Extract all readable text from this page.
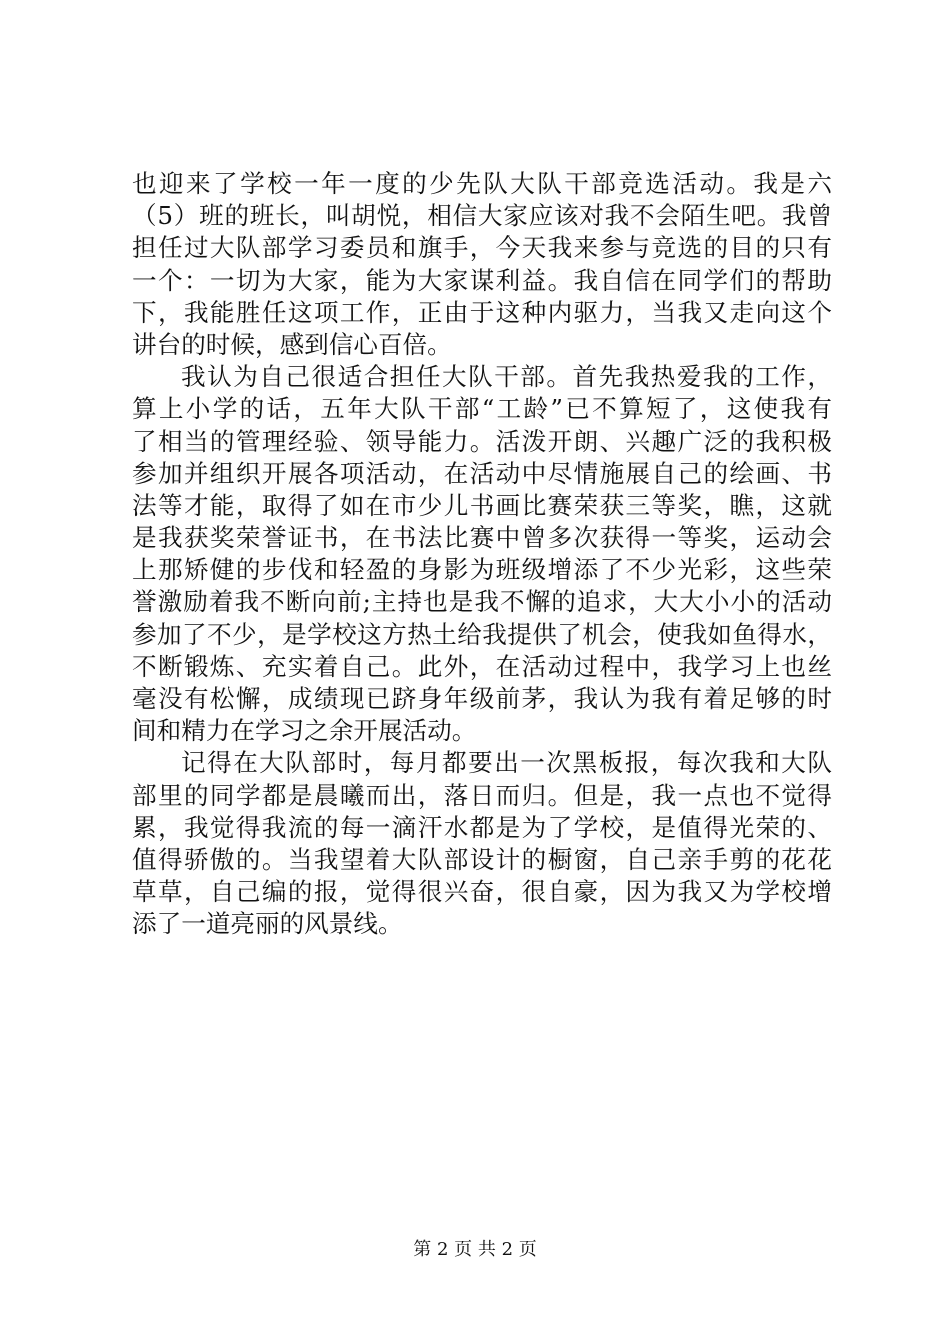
也迎来了学校一年一度的少先队大队干部竞选活动。我是六
（5）班的班长，叫胡悦，相信大家应该对我不会陌生吧。我曾
担任过大队部学习委员和旗手，今天我来参与竞选的目的只有
一个：一切为大家，能为大家谋利益。我自信在同学们的帮助
下，我能胜任这项工作，正由于这种内驱力，当我又走向这个
讲台的时候，感到信心百倍。
我认为自己很适合担任大队干部。首先我热爱我的工作，
算上小学的话，五年大队干部“工龄”已不算短了，这使我有
了相当的管理经验、领导能力。活泼开朗、兴趣广泛的我积极
参加并组织开展各项活动，在活动中尽情施展自己的绘画、书
法等才能，取得了如在市少儿书画比赛荣获三等奖，瞧，这就
是我获奖荣誉证书，在书法比赛中曾多次获得一等奖，运动会
上那矫健的步伐和轻盈的身影为班级增添了不少光彩，这些荣
誉激励着我不断向前;主持也是我不懈的追求，大大小小的活动
参加了不少，是学校这方热土给我提供了机会，使我如鱼得水，
不断锻炼、充实着自己。此外，在活动过程中，我学习上也丝
毫没有松懈，成绩现已跻身年级前茅，我认为我有着足够的时
间和精力在学习之余开展活动。
记得在大队部时，每月都要出一次黑板报，每次我和大队
部里的同学都是晨曦而出，落日而归。但是，我一点也不觉得
累，我觉得我流的每一滴汗水都是为了学校，是值得光荣的、
值得骄傲的。当我望着大队部设计的橱窗，自己亲手剪的花花
草草，自己编的报，觉得很兴奋，很自豪，因为我又为学校增
添了一道亮丽的风景线。
第 2 页 共 2 页
